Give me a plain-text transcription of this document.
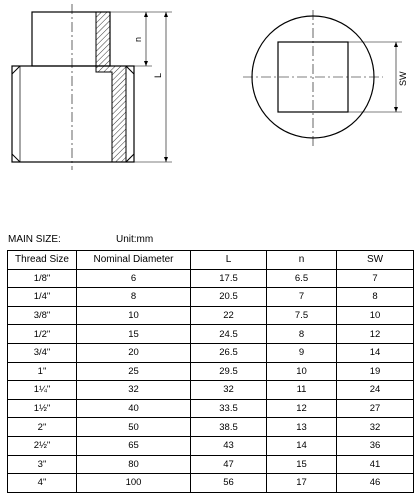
n
L	SW
MAIN SIZE:	Unit:mm
Thread Size	Nominal Diameter	L	n	SW
1/8"	6	17.5	6.5	7
1/4"	8	20.5	7	8
3/8"	10	22	7.5	10
1/2"	15	24.5	8	12
3/4"	20	26.5	9	14
1"	25	29.5	10	19
1¼"	32	32	11	24
1½"	40	33.5	12	27
2"	50	38.5	13	32
2½"	65	43	14	36
3"	80	47	15	41
4"	100	56	17	46
